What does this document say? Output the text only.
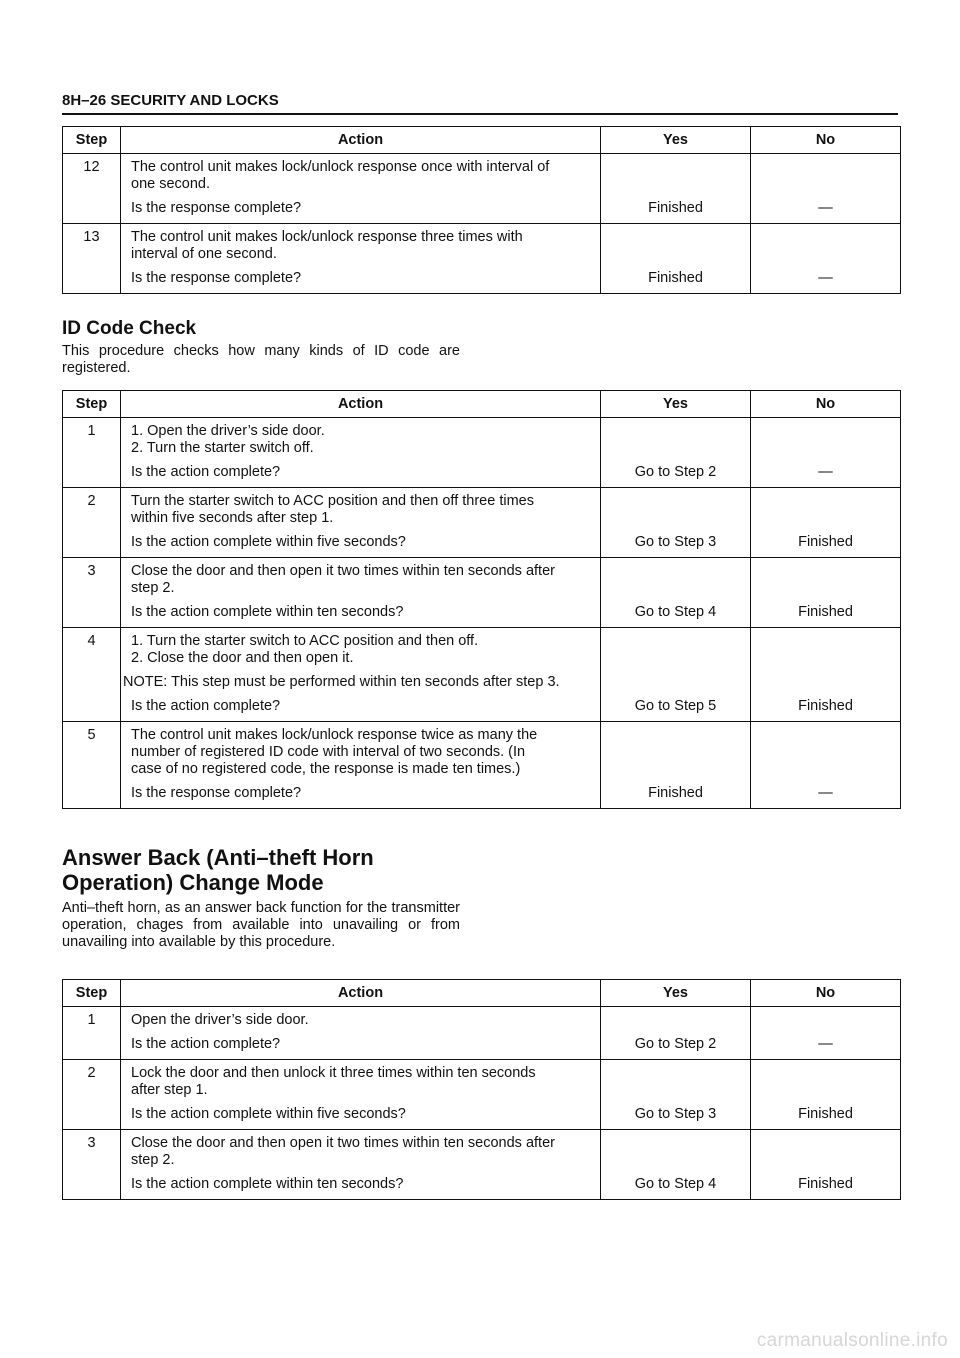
8H–26 SECURITY AND LOCKS
Step	Action	Yes	No
12	The control unit makes lock/unlock response once with interval of
one second.
Is the response complete?	Finished	—
13	The control unit makes lock/unlock response three times with
interval of one second.
Is the response complete?	Finished	—
ID Code Check
This procedure checks how many kinds of ID code are registered.
Step	Action	Yes	No
1	1. Open the driver’s side door.
2. Turn the starter switch off.
Is the action complete?	Go to Step 2	—
2	Turn the starter switch to ACC position and then off three times
within five seconds after step 1.
Is the action complete within five seconds?	Go to Step 3	Finished
3	Close the door and then open it two times within ten seconds after
step 2.
Is the action complete within ten seconds?	Go to Step 4	Finished
4	1. Turn the starter switch to ACC position and then off.
2. Close the door and then open it.
NOTE: This step must be performed within ten seconds after step 3.
Is the action complete?	Go to Step 5	Finished
5	The control unit makes lock/unlock response twice as many the
number of registered ID code with interval of two seconds. (In
case of no registered code, the response is made ten times.)
Is the response complete?	Finished	—
Answer Back (Anti–theft Horn Operation) Change Mode
Anti–theft horn, as an answer back function for the transmitter operation, chages from available into unavailing or from unavailing into available by this procedure.
Step	Action	Yes	No
1	Open the driver’s side door.
Is the action complete?	Go to Step 2	—
2	Lock the door and then unlock it three times within ten seconds
after step 1.
Is the action complete within five seconds?	Go to Step 3	Finished
3	Close the door and then open it two times within ten seconds after
step 2.
Is the action complete within ten seconds?	Go to Step 4	Finished
carmanualsonline.info
